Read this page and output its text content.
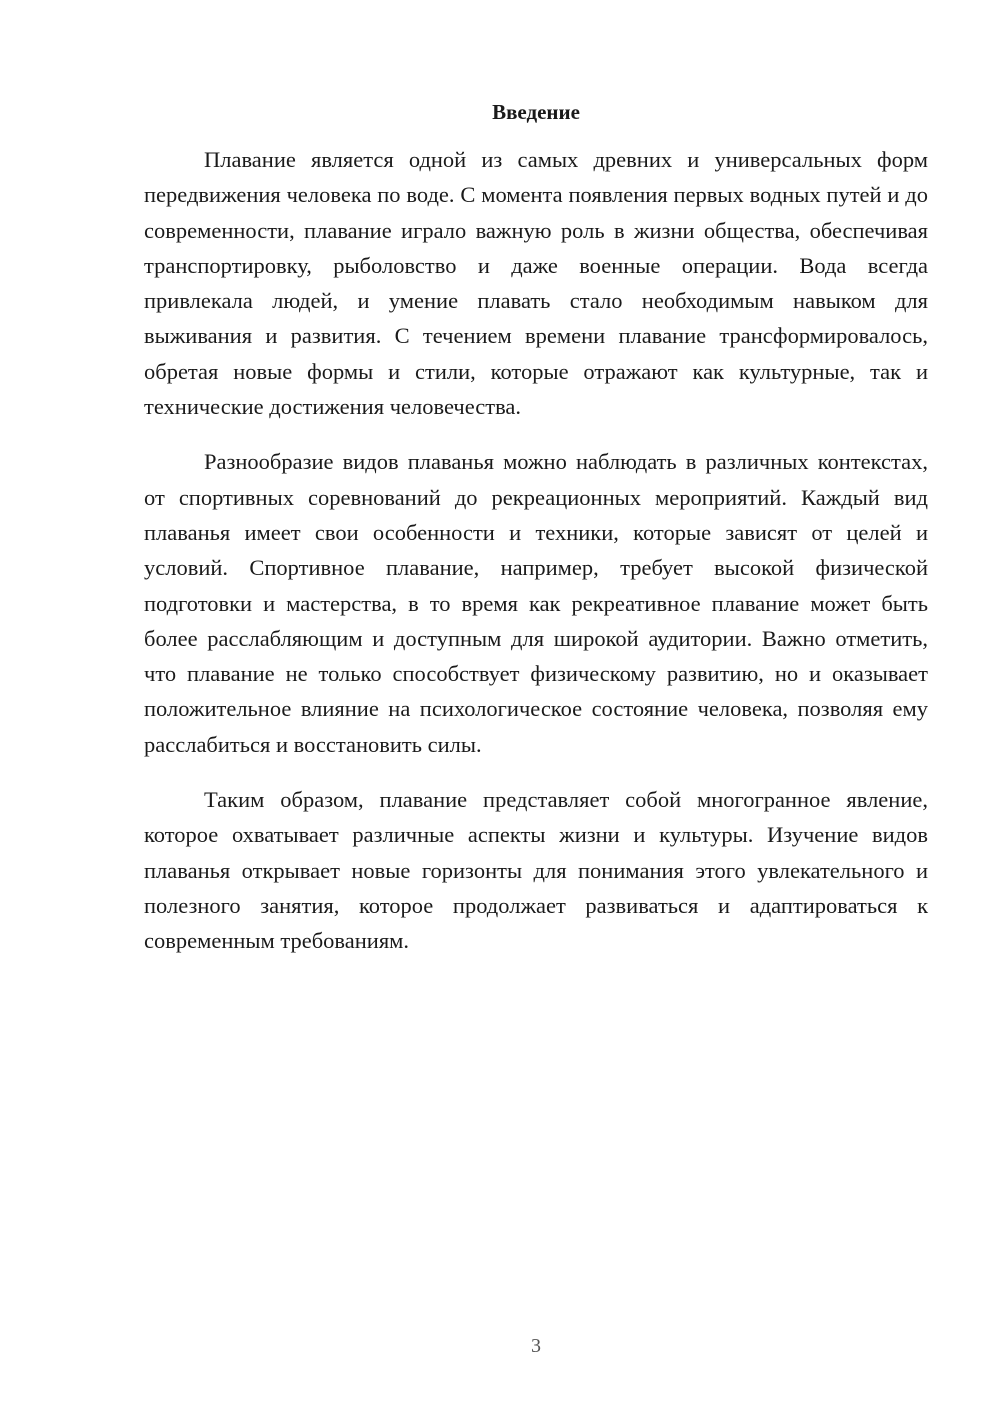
Введение

Плавание является одной из самых древних и универсальных форм передвижения человека по воде. С момента появления первых водных путей и до современности, плавание играло важную роль в жизни общества, обеспечивая транспортировку, рыболовство и даже военные операции. Вода всегда привлекала людей, и умение плавать стало необходимым навыком для выживания и развития. С течением времени плавание трансформировалось, обретая новые формы и стили, которые отражают как культурные, так и технические достижения человечества.

Разнообразие видов плаванья можно наблюдать в различных контекстах, от спортивных соревнований до рекреационных мероприятий. Каждый вид плаванья имеет свои особенности и техники, которые зависят от целей и условий. Спортивное плавание, например, требует высокой физической подготовки и мастерства, в то время как рекреативное плавание может быть более расслабляющим и доступным для широкой аудитории. Важно отметить, что плавание не только способствует физическому развитию, но и оказывает положительное влияние на психологическое состояние человека, позволяя ему расслабиться и восстановить силы.

Таким образом, плавание представляет собой многогранное явление, которое охватывает различные аспекты жизни и культуры. Изучение видов плаванья открывает новые горизонты для понимания этого увлекательного и полезного занятия, которое продолжает развиваться и адаптироваться к современным требованиям.

3
